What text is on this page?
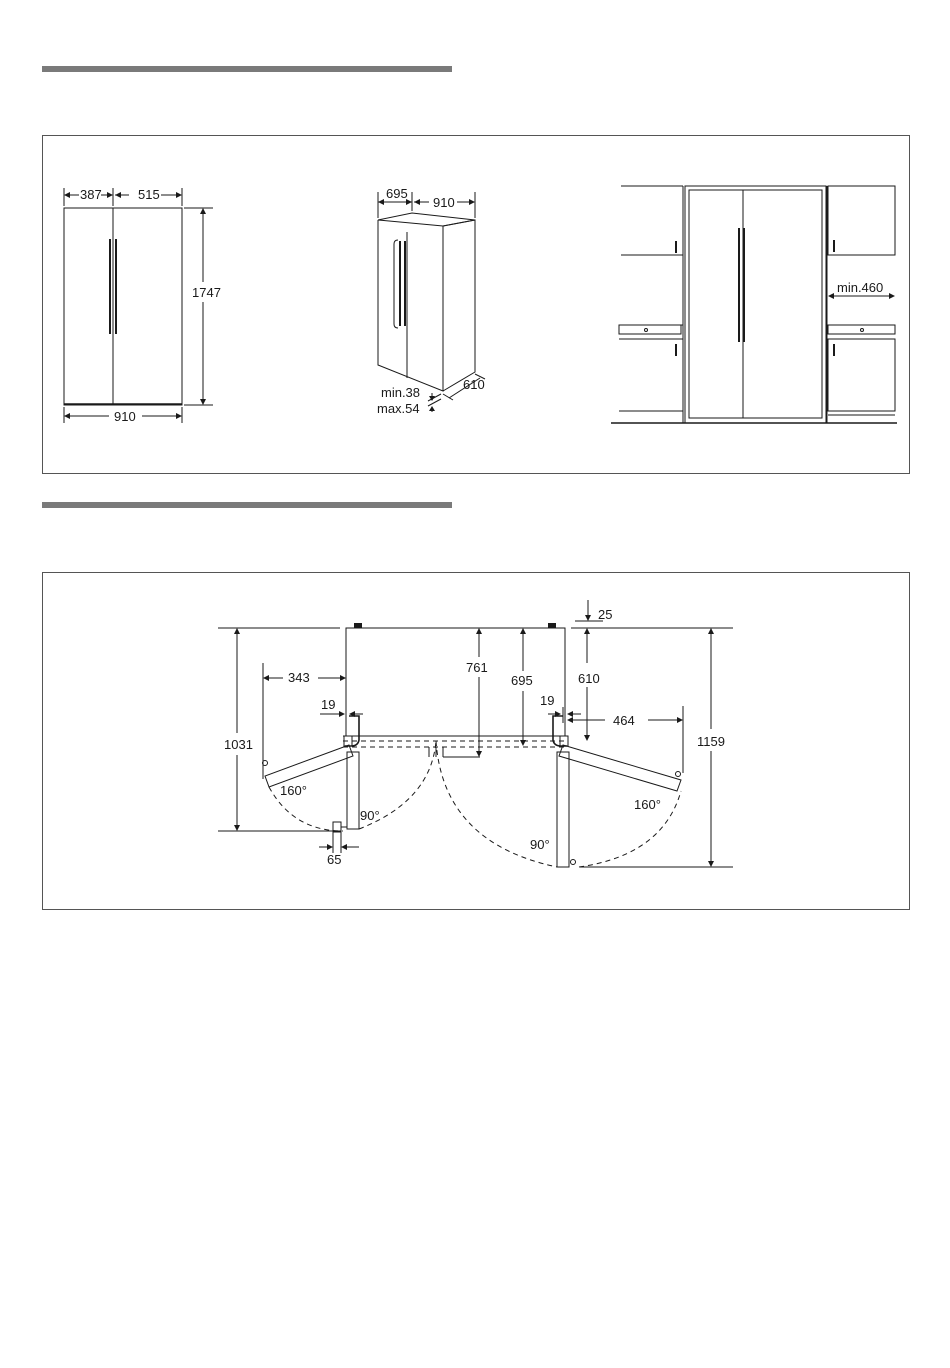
387	515
1747
910
695
910
610
min.38
max.54
min.460
1031
343
19
65
160°
90°
90°
160°
761
695
25
610
19
464
1159
